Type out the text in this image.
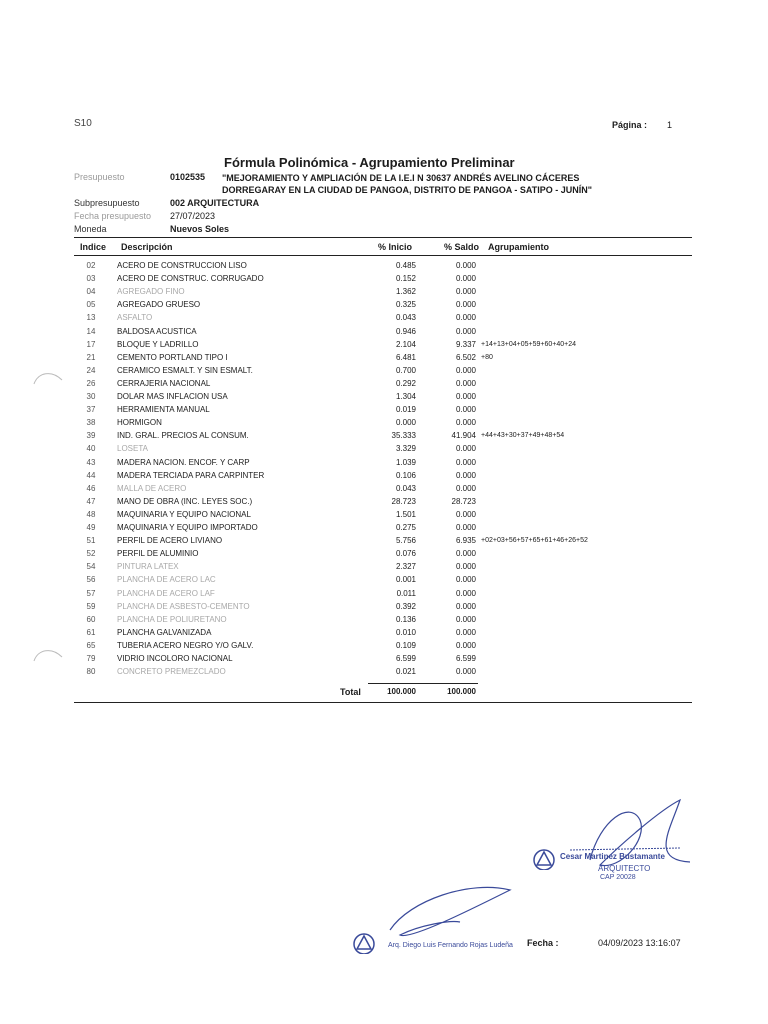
S10	Página : 1
Fórmula Polinómica - Agrupamiento Preliminar
Presupuesto	0102535 "MEJORAMIENTO Y AMPLIACIÓN DE LA I.E.I N 30637 ANDRÉS AVELINO CÁCERES
DORREGARAY EN LA CIUDAD DE PANGOA, DISTRITO DE PANGOA - SATIPO - JUNÍN"
Subpresupuesto	002 ARQUITECTURA
Fecha presupuesto 27/07/2023
Moneda	Nuevos Soles
Indice Descripción	% Inicio	% Saldo Agrupamiento
02	ACERO DE CONSTRUCCION LISO	0.485	0.000
03	ACERO DE CONSTRUC. CORRUGADO	0.152	0.000
04	AGREGADO FINO	1.362	0.000
05	AGREGADO GRUESO	0.325	0.000
13	ASFALTO	0.043	0.000
14	BALDOSA ACUSTICA	0.946	0.000
17	BLOQUE Y LADRILLO	2.104	9.337 +14+13+04+05+59+60+40+24
21	CEMENTO PORTLAND TIPO I	6.481	6.502 +80
24	CERAMICO ESMALT. Y SIN ESMALT.	0.700	0.000
26	CERRAJERIA NACIONAL	0.292	0.000
30	DOLAR MAS INFLACION USA	1.304	0.000
37	HERRAMIENTA MANUAL	0.019	0.000
38	HORMIGON	0.000	0.000
39	IND. GRAL. PRECIOS AL CONSUM.	35.333	41.904 +44+43+30+37+49+48+54
40	LOSETA	3.329	0.000
43	MADERA NACION. ENCOF. Y CARP	1.039	0.000
44	MADERA TERCIADA PARA CARPINTER	0.106	0.000
46	MALLA DE ACERO	0.043	0.000
47	MANO DE OBRA (INC. LEYES SOC.)	28.723	28.723
48	MAQUINARIA Y EQUIPO NACIONAL	1.501	0.000
49	MAQUINARIA Y EQUIPO IMPORTADO	0.275	0.000
51	PERFIL DE ACERO LIVIANO	5.756	6.935 +02+03+56+57+65+61+46+26+52
52	PERFIL DE ALUMINIO	0.076	0.000
54	PINTURA LATEX	2.327	0.000
56	PLANCHA DE ACERO LAC	0.001	0.000
57	PLANCHA DE ACERO LAF	0.011	0.000
59	PLANCHA DE ASBESTO-CEMENTO	0.392	0.000
60	PLANCHA DE POLIURETANO	0.136	0.000
61	PLANCHA GALVANIZADA	0.010	0.000
65	TUBERIA ACERO NEGRO Y/O GALV.	0.109	0.000
79	VIDRIO INCOLORO NACIONAL	6.599	6.599
80	CONCRETO PREMEZCLADO	0.021	0.000
Total	100.000	100.000
Cesar Martinez Bustamante
ARQUITECTO
CAP 20028
Arq. Diego Luis Fernando Rojas Ludeña Fecha :	04/09/2023 13:16:07
